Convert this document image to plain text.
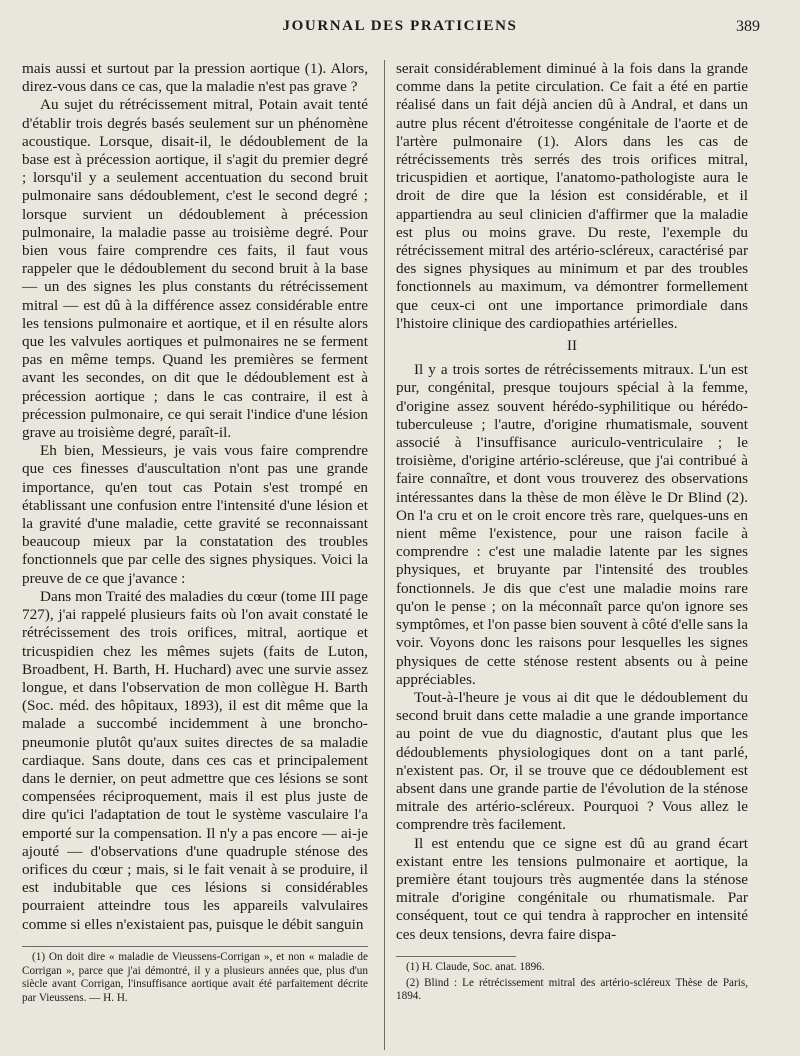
JOURNAL DES PRATICIENS	389

mais aussi et surtout par la pression aortique (1). Alors, direz-vous dans ce cas, que la maladie n'est pas grave ?

Au sujet du rétrécissement mitral, Potain avait tenté d'établir trois degrés basés seulement sur un phénomène acoustique. Lorsque, disait-il, le dédoublement de la base est à précession aortique, il s'agit du premier degré ; lorsqu'il y a seulement accentuation du second bruit pulmonaire sans dédoublement, c'est le second degré ; lorsque survient un dédoublement à précession pulmonaire, la maladie passe au troisième degré. Pour bien vous faire comprendre ces faits, il faut vous rappeler que le dédoublement du second bruit à la base — un des signes les plus constants du rétrécissement mitral — est dû à la différence assez considérable entre les tensions pulmonaire et aortique, et il en résulte alors que les valvules aortiques et pulmonaires ne se ferment pas en même temps. Quand les premières se ferment avant les secondes, on dit que le dédoublement est à précession aortique ; dans le cas contraire, il est à précession pulmonaire, ce qui serait l'indice d'une lésion grave au troisième degré, paraît-il.

Eh bien, Messieurs, je vais vous faire comprendre que ces finesses d'auscultation n'ont pas une grande importance, qu'en tout cas Potain s'est trompé en établissant une confusion entre l'intensité d'une lésion et la gravité d'une maladie, cette gravité se reconnaissant beaucoup mieux par la constatation des troubles fonctionnels que par celle des signes physiques. Voici la preuve de ce que j'avance :

Dans mon Traité des maladies du cœur (tome III page 727), j'ai rappelé plusieurs faits où l'on avait constaté le rétrécissement des trois orifices, mitral, aortique et tricuspidien chez les mêmes sujets (faits de Luton, Broadbent, H. Barth, H. Huchard) avec une survie assez longue, et dans l'observation de mon collègue H. Barth (Soc. méd. des hôpitaux, 1893), il est dit même que la malade a succombé incidemment à une broncho-pneumonie plutôt qu'aux suites directes de sa maladie cardiaque. Sans doute, dans ces cas et principalement dans le dernier, on peut admettre que ces lésions se sont compensées réciproquement, mais il est plus juste de dire qu'ici l'adaptation de tout le système vasculaire l'a emporté sur la compensation. Il n'y a pas encore — ai-je ajouté — d'observations d'une quadruple sténose des orifices du cœur ; mais, si le fait venait à se produire, il est indubitable que ces lésions si considérables pourraient atteindre tous les appareils valvulaires comme si elles n'existaient pas, puisque le débit sanguin

serait considérablement diminué à la fois dans la grande comme dans la petite circulation. Ce fait a été en partie réalisé dans un fait déjà ancien dû à Andral, et dans un autre plus récent d'étroitesse congénitale de l'aorte et de l'artère pulmonaire (1). Alors dans les cas de rétrécissements très serrés des trois orifices mitral, tricuspidien et aortique, l'anatomo-pathologiste aura le droit de dire que la lésion est considérable, et il appartiendra au seul clinicien d'affirmer que la maladie est plus ou moins grave. Du reste, l'exemple du rétrécissement mitral des artério-scléreux, caractérisé par des signes physiques au minimum et par des troubles fonctionnels au maximum, va démontrer formellement que ceux-ci ont une importance primordiale dans l'histoire clinique des cardiopathies artérielles.

II

Il y a trois sortes de rétrécissements mitraux. L'un est pur, congénital, presque toujours spécial à la femme, d'origine assez souvent hérédo-syphilitique ou hérédo-tuberculeuse ; l'autre, d'origine rhumatismale, souvent associé à l'insuffisance auriculo-ventriculaire ; le troisième, d'origine artério-scléreuse, que j'ai contribué à faire connaître, et dont vous trouverez des observations intéressantes dans la thèse de mon élève le Dr Blind (2). On l'a cru et on le croit encore très rare, quelques-uns en nient même l'existence, pour une raison facile à comprendre : c'est une maladie latente par les signes physiques, et bruyante par l'intensité des troubles fonctionnels. Je dis que c'est une maladie moins rare qu'on le pense ; on la méconnaît parce qu'on ignore ses symptômes, et l'on passe bien souvent à côté d'elle sans la voir. Voyons donc les raisons pour lesquelles les signes physiques de cette sténose restent absents ou à peine appréciables.

Tout-à-l'heure je vous ai dit que le dédoublement du second bruit dans cette maladie a une grande importance au point de vue du diagnostic, d'autant plus que les dédoublements physiologiques dont on a tant parlé, n'existent pas. Or, il se trouve que ce dédoublement est absent dans une grande partie de l'évolution de la sténose mitrale des artério-scléreux. Pourquoi ? Vous allez le comprendre très facilement.

Il est entendu que ce signe est dû au grand écart existant entre les tensions pulmonaire et aortique, la première étant toujours très augmentée dans la sténose mitrale d'origine congénitale ou rhumatismale. Par conséquent, tout ce qui tendra à rapprocher en intensité ces deux tensions, devra faire dispa-

(1) On doit dire « maladie de Vieussens-Corrigan », et non « maladie de Corrigan », parce que j'ai démontré, il y a plusieurs années que, plus d'un siècle avant Corrigan, l'insuffisance aortique avait été parfaitement décrite par Vieussens. — H. H.

(1) H. Claude, Soc. anat. 1896.

(2) Blind : Le rétrécissement mitral des artério-scléreux Thèse de Paris, 1894.
